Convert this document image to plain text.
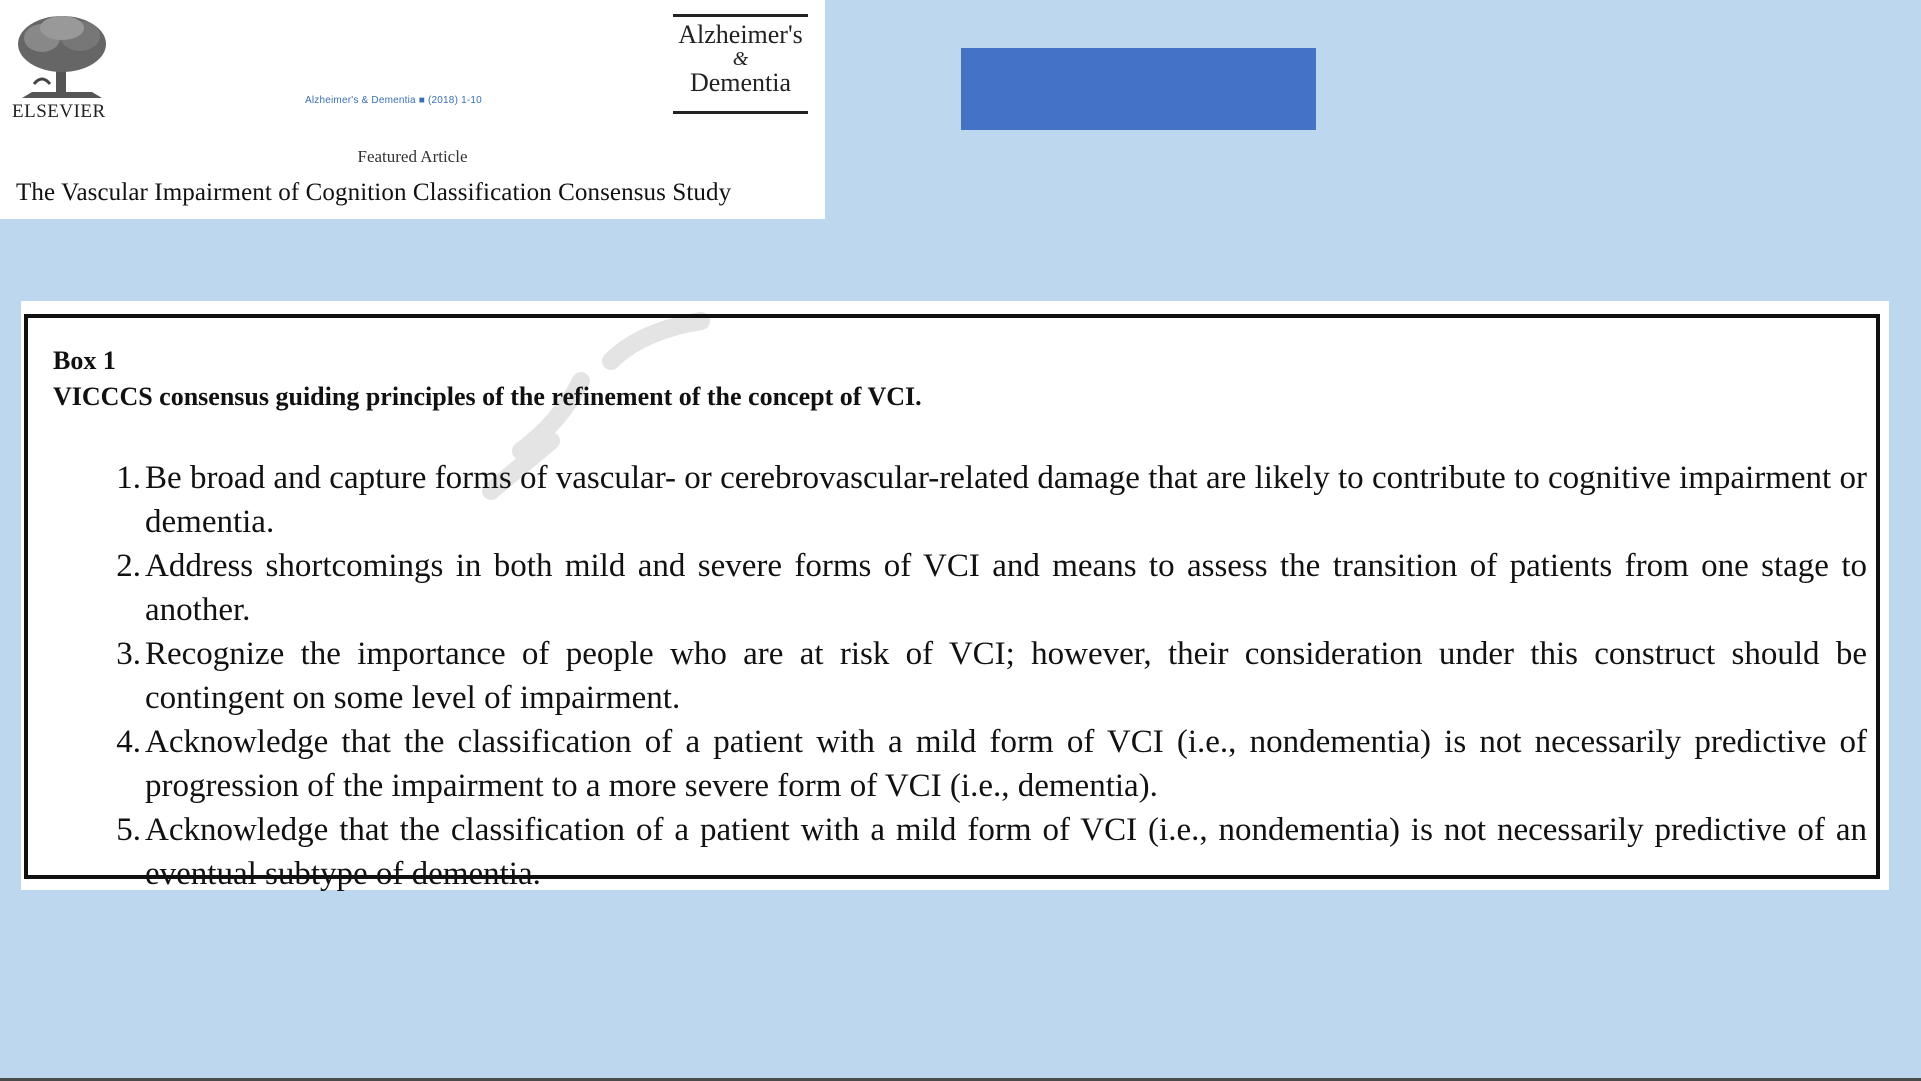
ELSEVIER
Alzheimer's & Dementia ■ (2018) 1-10
Alzheimer's
&
Dementia
Featured Article
The Vascular Impairment of Cognition Classification Consensus Study
Box 1
VICCCS consensus guiding principles of the refinement of the concept of VCI.
1. Be broad and capture forms of vascular- or cerebrovascular-related damage that are likely to contribute to cognitive impairment or dementia.
2. Address shortcomings in both mild and severe forms of VCI and means to assess the transition of patients from one stage to another.
3. Recognize the importance of people who are at risk of VCI; however, their consideration under this construct should be contingent on some level of impairment.
4. Acknowledge that the classification of a patient with a mild form of VCI (i.e., nondementia) is not necessarily predictive of progression of the impairment to a more severe form of VCI (i.e., dementia).
5. Acknowledge that the classification of a patient with a mild form of VCI (i.e., nondementia) is not necessarily predictive of an eventual subtype of dementia.
